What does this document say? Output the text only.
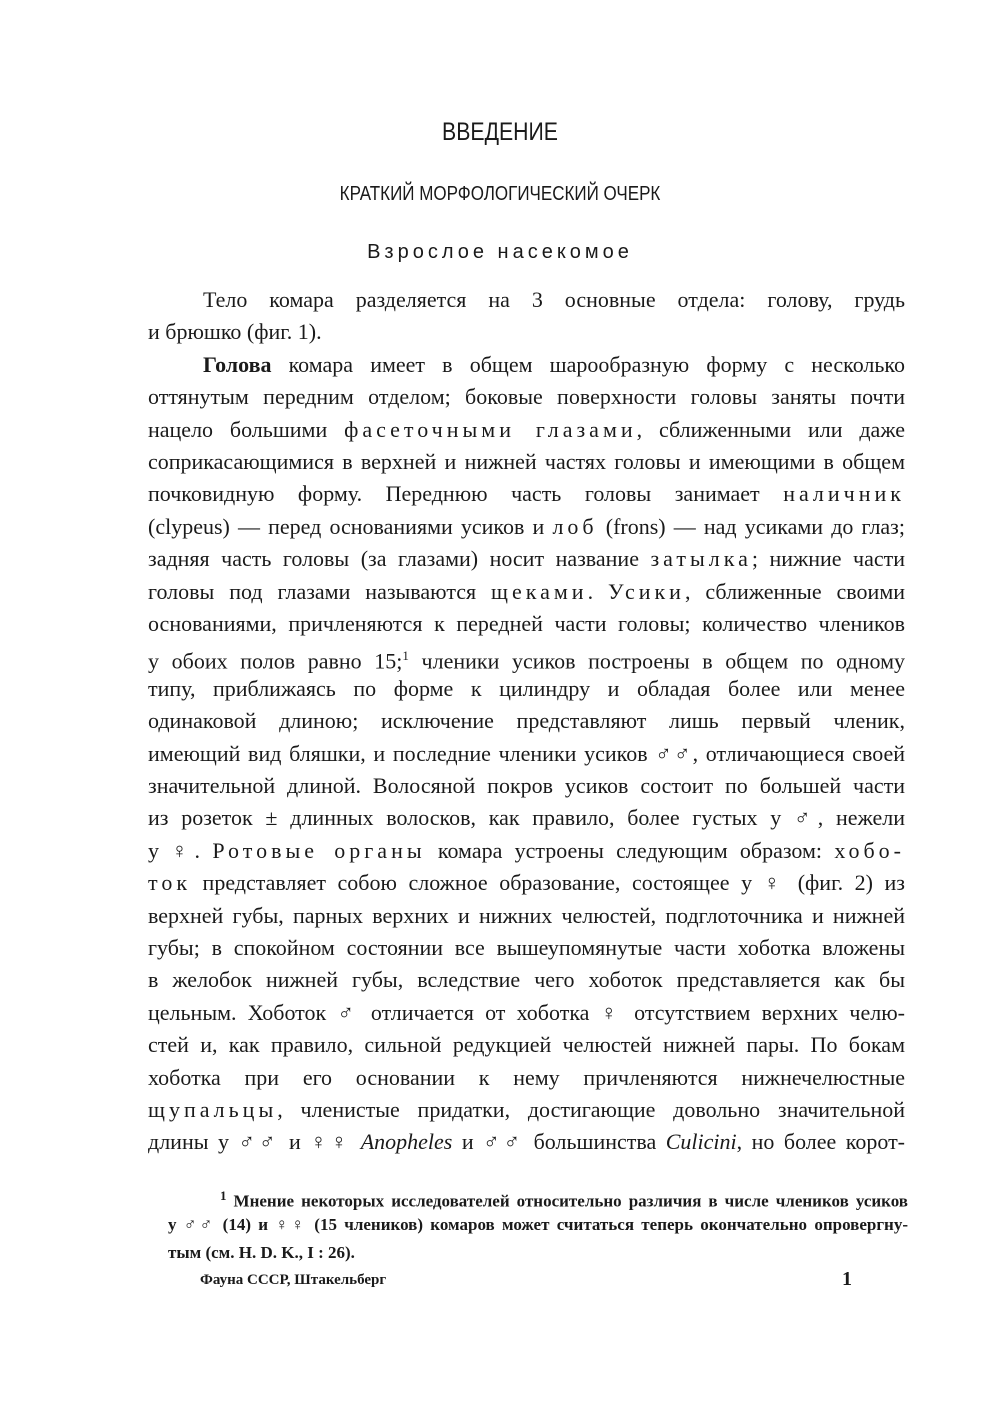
ВВЕДЕНИЕ
КРАТКИЙ МОРФОЛОГИЧЕСКИЙ ОЧЕРК
Взрослое насекомое
Тело комара разделяется на 3 основные отдела: голову, грудь
и брюшко (фиг. 1).
Голова комара имеет в общем шарообразную форму с несколько
оттянутым передним отделом; боковые поверхности головы заняты почти
нацело большими фасеточными глазами, сближенными или даже
соприкасающимися в верхней и нижней частях головы и имеющими в общем
почковидную форму. Переднюю часть головы занимает наличник
(clypeus) — перед основаниями усиков и лоб (frons) — над усиками до глаз;
задняя часть головы (за глазами) носит название затылка; нижние части
головы под глазами называются щеками. Усики, сближенные своими
основаниями, причленяются к передней части головы; количество члеников
у обоих полов равно 15;$^1$ членики усиков построены в общем по одному
типу, приближаясь по форме к цилиндру и обладая более или менее
одинаковой длиною; исключение представляют лишь первый членик,
имеющий вид бляшки, и последние членики усиков ♂♂, отличающиеся своей
значительной длиной. Волосяной покров усиков состоит по большей части
из розеток ± длинных волосков, как правило, более густых у ♂, нежели
у ♀. Ротовые органы комара устроены следующим образом: хобо-
ток представляет собою сложное образование, состоящее у ♀ (фиг. 2) из
верхней губы, парных верхних и нижних челюстей, подглоточника и нижней
губы; в спокойном состоянии все вышеупомянутые части хоботка вложены
в желобок нижней губы, вследствие чего хоботок представляется как бы
цельным. Хоботок ♂ отличается от хоботка ♀ отсутствием верхних челю-
стей и, как правило, сильной редукцией челюстей нижней пары. По бокам
хоботка при его основании к нему причленяются нижнечелюстные
щупальцы, членистые придатки, достигающие довольно значительной
длины у ♂♂ и ♀♀ Anopheles и ♂♂ большинства Culicini, но более корот-
$^1$ Мнение некоторых исследователей относительно различия в числе члеников усиков
у ♂♂ (14) и ♀♀ (15 члеников) комаров может считаться теперь окончательно опровергну-
тым (см. H. D. K., I : 26).
Фауна СССР, Штакельберг	1
